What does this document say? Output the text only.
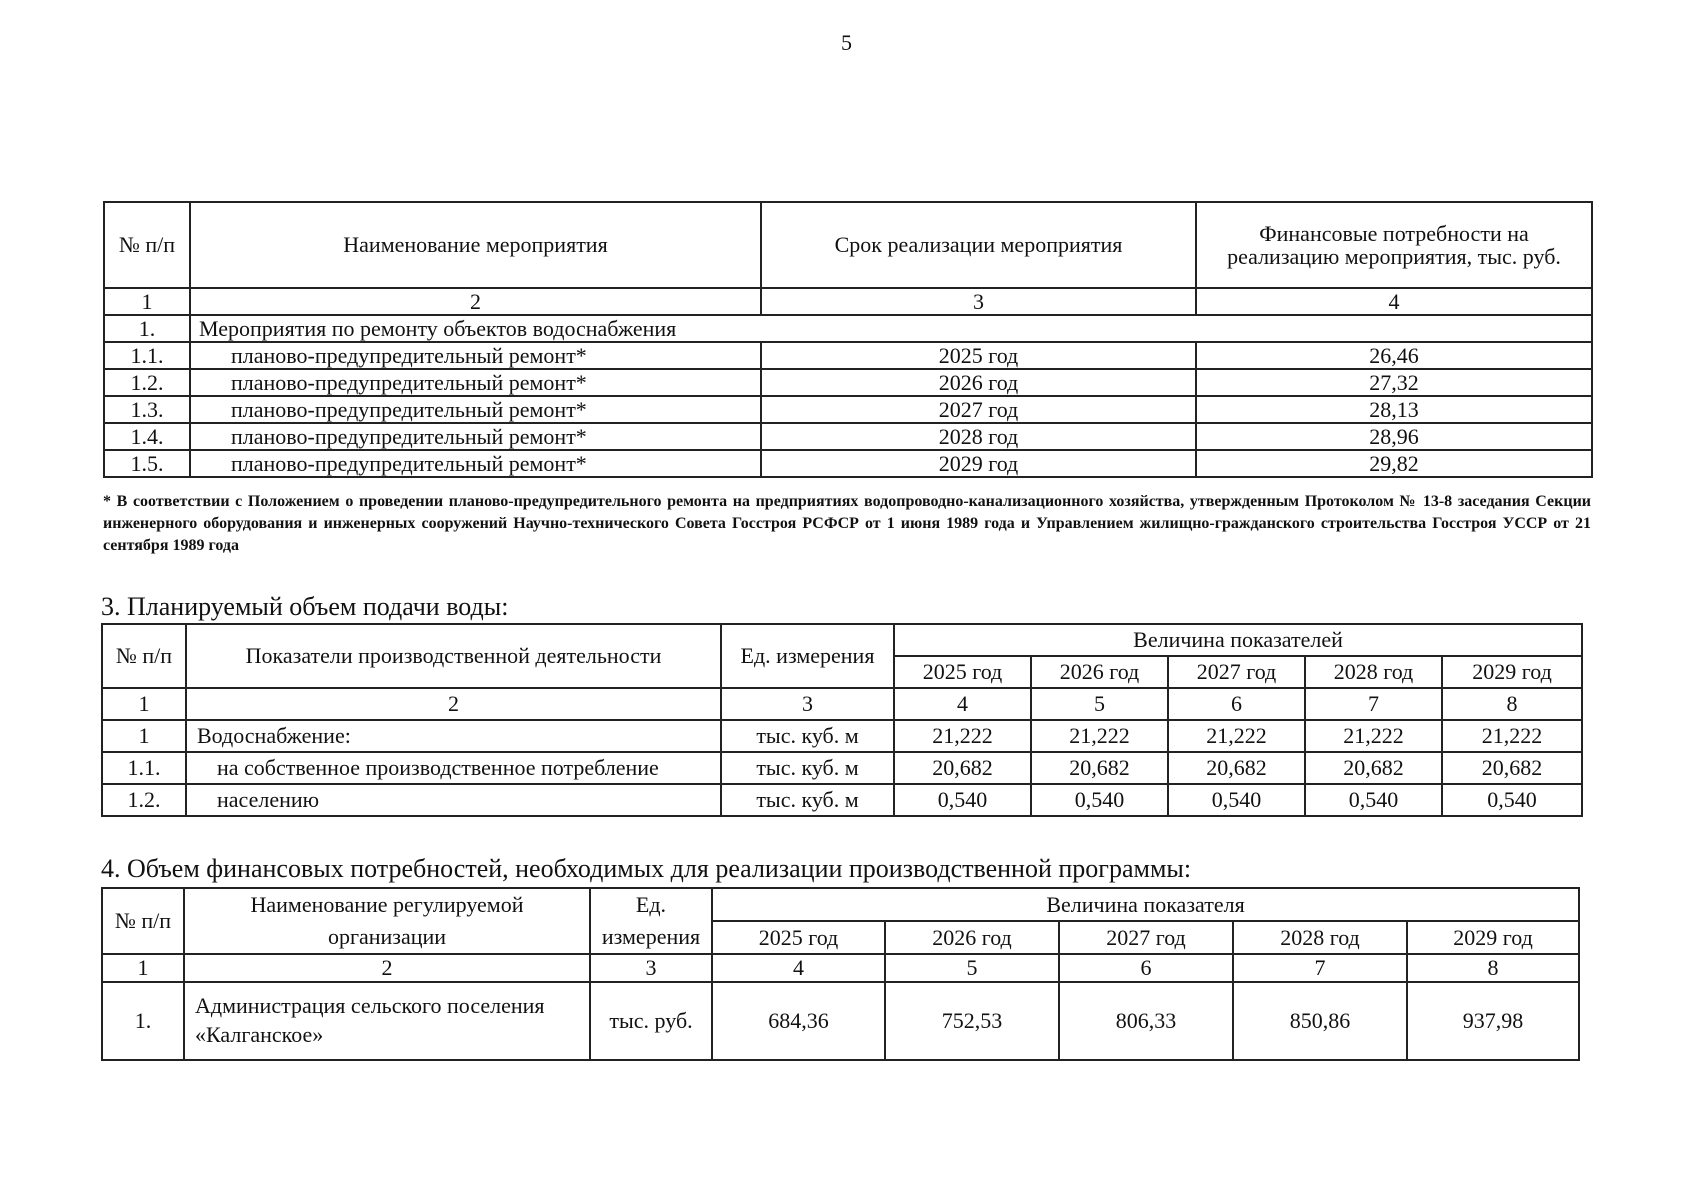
5
№ п/п	Наименование мероприятия	Срок реализации мероприятия	Финансовые потребности на реализацию мероприятия, тыс. руб.
1	2	3	4
1.	Мероприятия по ремонту объектов водоснабжения		
1.1.	планово-предупредительный ремонт*	2025 год	26,46
1.2.	планово-предупредительный ремонт*	2026 год	27,32
1.3.	планово-предупредительный ремонт*	2027 год	28,13
1.4.	планово-предупредительный ремонт*	2028 год	28,96
1.5.	планово-предупредительный ремонт*	2029 год	29,82
* В соответствии с Положением о проведении планово-предупредительного ремонта на предприятиях водопроводно-канализационного хозяйства, утвержденным Протоколом № 13-8 заседания Секции инженерного оборудования и инженерных сооружений Научно-технического Совета Госстроя РСФСР от 1 июня 1989 года и Управлением жилищно-гражданского строительства Госстроя УССР от 21 сентября 1989 года
3. Планируемый объем подачи воды:
№ п/п	Показатели производственной деятельности	Ед. измерения	Величина показателей				
			2025 год	2026 год	2027 год	2028 год	2029 год
1	2	3	4	5	6	7	8
1	Водоснабжение:	тыс. куб. м	21,222	21,222	21,222	21,222	21,222
1.1.	на собственное производственное потребление	тыс. куб. м	20,682	20,682	20,682	20,682	20,682
1.2.	населению	тыс. куб. м	0,540	0,540	0,540	0,540	0,540
4. Объем финансовых потребностей, необходимых для реализации производственной программы:
№ п/п	Наименование регулируемой организации	Ед. измерения	Величина показателя				
			2025 год	2026 год	2027 год	2028 год	2029 год
1	2	3	4	5	6	7	8
1.	Администрация сельского поселения «Калганское»	тыс. руб.	684,36	752,53	806,33	850,86	937,98
